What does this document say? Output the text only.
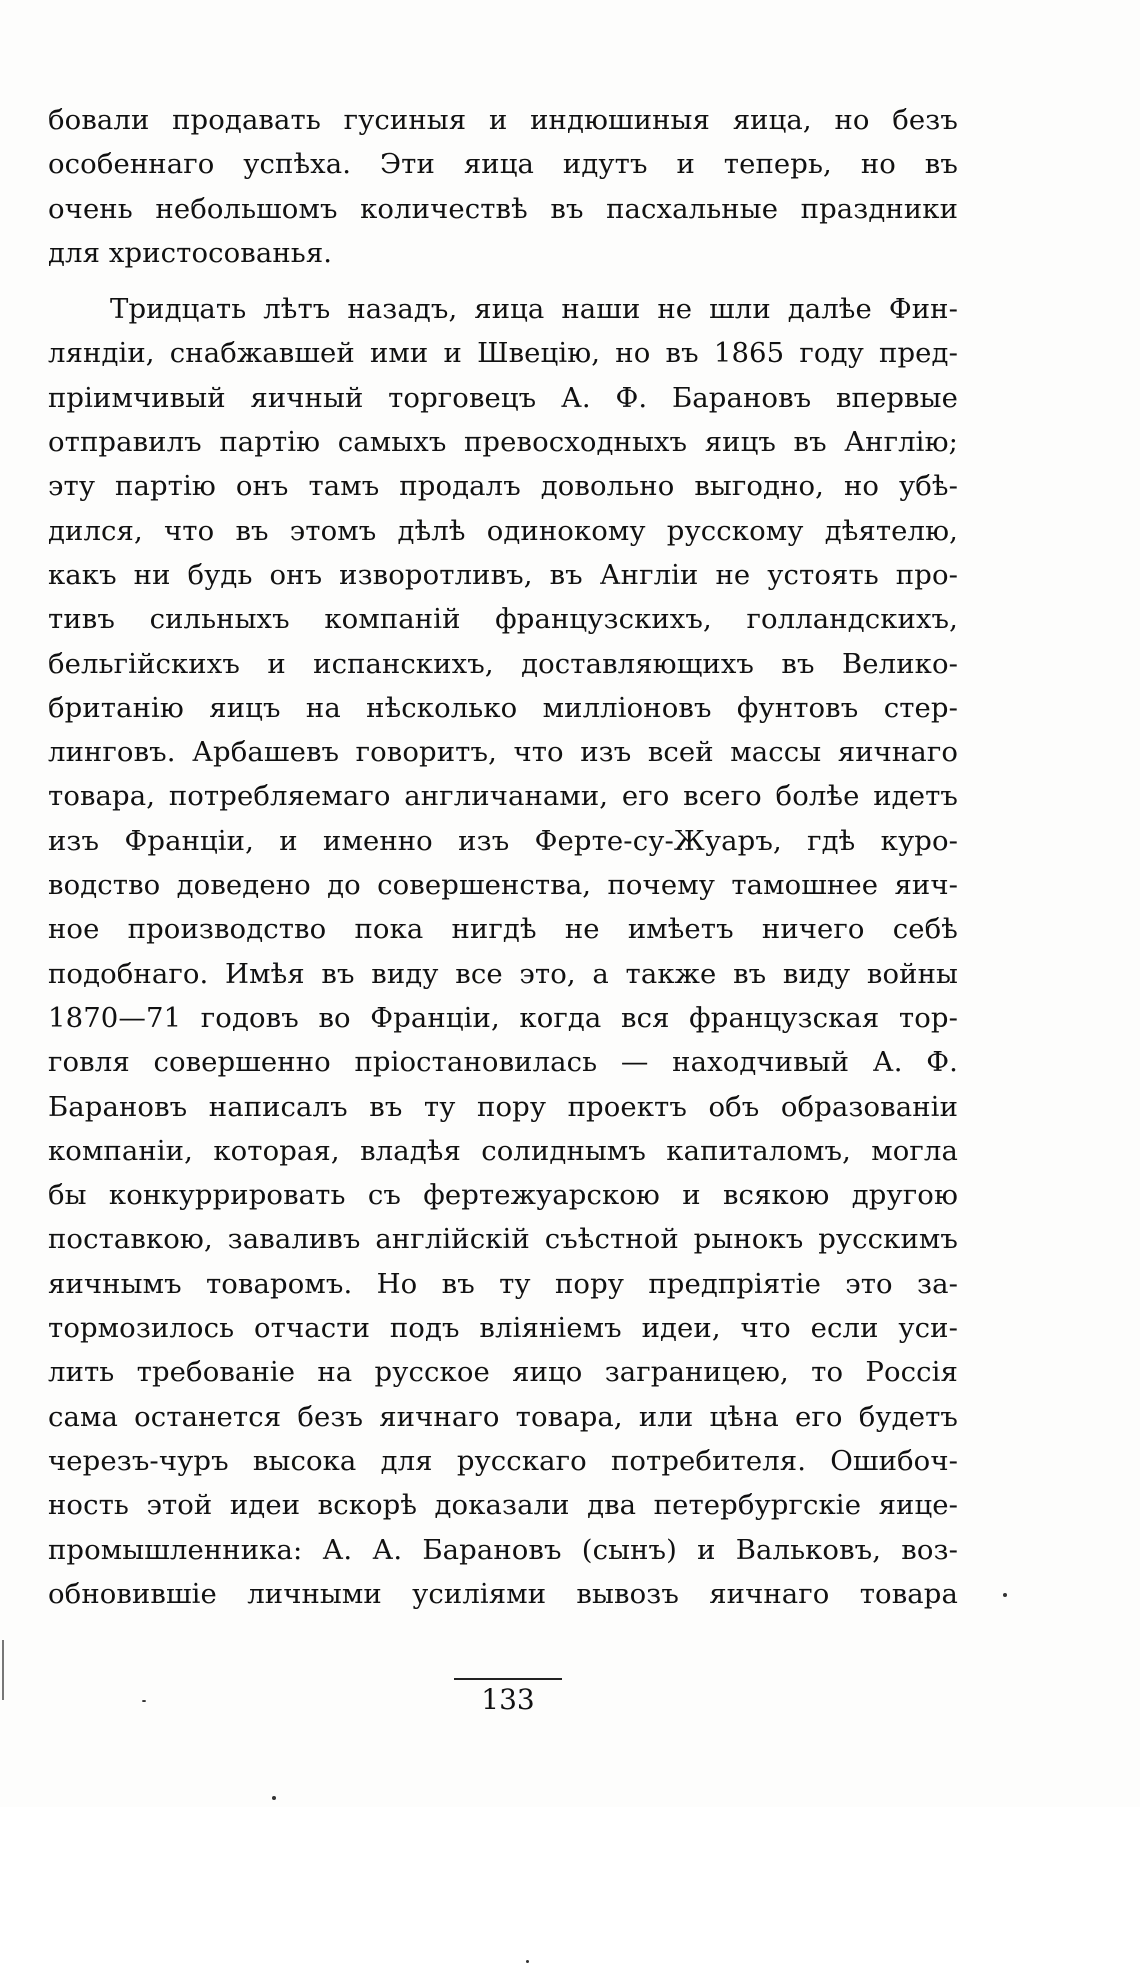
бовали продавать гусиныя и индюшиныя яица, но безъ
особеннаго успѣха. Эти яица идутъ и теперь, но въ
очень небольшомъ количествѣ въ пасхальные праздники
для христосованья.
Тридцать лѣтъ назадъ, яица наши не шли далѣе Фин-
ляндіи, снабжавшей ими и Швецію, но въ 1865 году пред-
пріимчивый яичный торговецъ А. Ф. Барановъ впервые
отправилъ партію самыхъ превосходныхъ яицъ въ Англію;
эту партію онъ тамъ продалъ довольно выгодно, но убѣ-
дился, что въ этомъ дѣлѣ одинокому русскому дѣятелю,
какъ ни будь онъ изворотливъ, въ Англіи не устоять про-
тивъ сильныхъ компаній французскихъ, голландскихъ,
бельгійскихъ и испанскихъ, доставляющихъ въ Велико-
британію яицъ на нѣсколько милліоновъ фунтовъ стер-
линговъ. Арбашевъ говоритъ, что изъ всей массы яичнаго
товара, потребляемаго англичанами, его всего болѣе идетъ
изъ Франціи, и именно изъ Ферте-су-Жуаръ, гдѣ куро-
водство доведено до совершенства, почему тамошнее яич-
ное производство пока нигдѣ не имѣетъ ничего себѣ
подобнаго. Имѣя въ виду все это, а также въ виду войны
1870—71 годовъ во Франціи, когда вся французская тор-
говля совершенно пріостановилась — находчивый А. Ф.
Барановъ написалъ въ ту пору проектъ объ образованіи
компаніи, которая, владѣя солиднымъ капиталомъ, могла
бы конкуррировать съ фертежуарскою и всякою другою
поставкою, заваливъ англійскій съѣстной рынокъ русскимъ
яичнымъ товаромъ. Но въ ту пору предпріятіе это за-
тормозилось отчасти подъ вліяніемъ идеи, что если уси-
лить требованіе на русское яицо заграницею, то Россія
сама останется безъ яичнаго товара, или цѣна его будетъ
черезъ-чуръ высока для русскаго потребителя. Ошибоч-
ность этой идеи вскорѣ доказали два петербургскіе яице-
промышленника: А. А. Барановъ (сынъ) и Вальковъ, воз-
обновившіе личными усиліями вывозъ яичнаго товара
133
